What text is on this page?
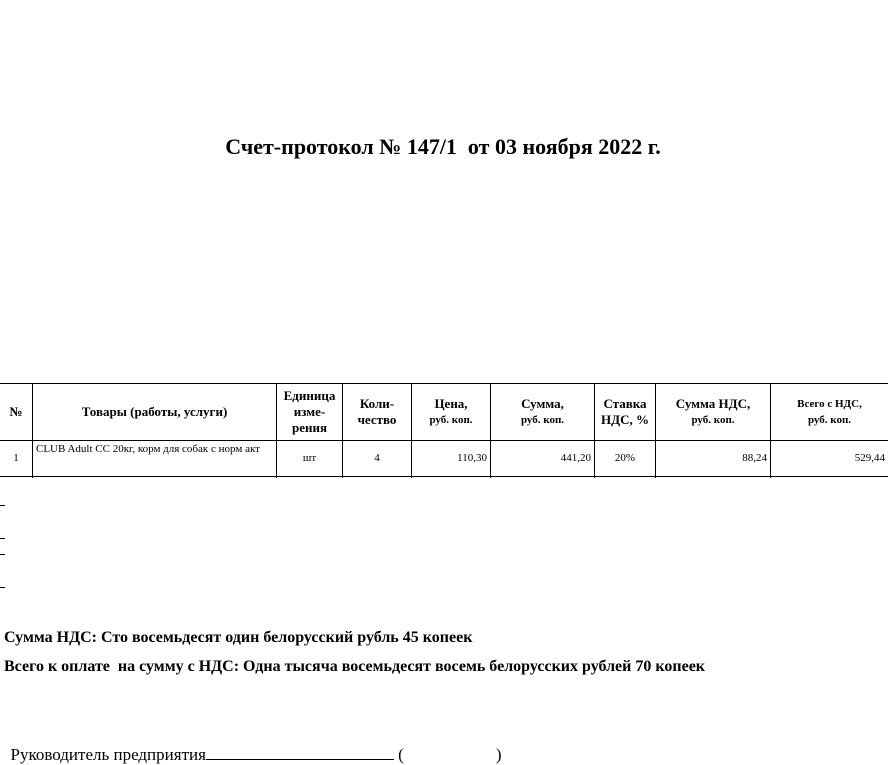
Счет-протокол № 147/1  от 03 ноября 2022 г.
№	Товары (работы, услуги)	Единица
изме-
рения	Коли-
чество	Цена,
руб. коп.	Сумма,
руб. коп.	Ставка
НДС, %	Сумма НДС,
руб. коп.	Всего с НДС,
руб. коп.

1	CLUB Adult CC 20кг, корм для собак с норм акт	шт	4	110,30	441,20	20%	88,24	529,44

Сумма НДС: Сто восемьдесят один белорусский рубль 45 копеек
Всего к оплате  на сумму с НДС: Одна тысяча восемьдесят восемь белорусских рублей 70 копеек

Руководитель предприятия	(	)
